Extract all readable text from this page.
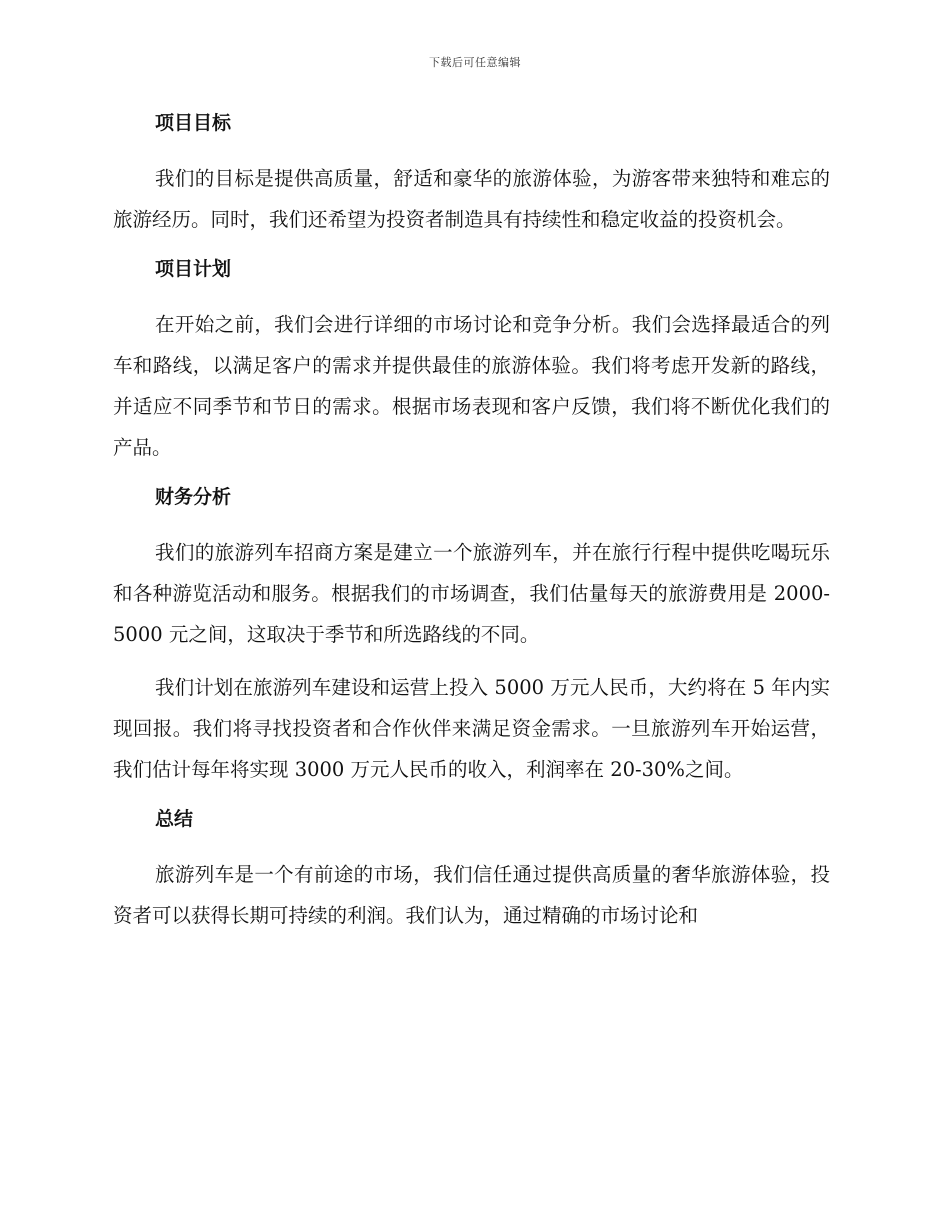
下载后可任意编辑
项目目标

我们的目标是提供高质量，舒适和豪华的旅游体验，为游客带来独特和难忘的旅游经历。同时，我们还希望为投资者制造具有持续性和稳定收益的投资机会。

项目计划

在开始之前，我们会进行详细的市场讨论和竞争分析。我们会选择最适合的列车和路线，以满足客户的需求并提供最佳的旅游体验。我们将考虑开发新的路线，并适应不同季节和节日的需求。根据市场表现和客户反馈，我们将不断优化我们的产品。

财务分析

我们的旅游列车招商方案是建立一个旅游列车，并在旅行行程中提供吃喝玩乐和各种游览活动和服务。根据我们的市场调查，我们估量每天的旅游费用是 2000-5000 元之间，这取决于季节和所选路线的不同。

我们计划在旅游列车建设和运营上投入 5000 万元人民币，大约将在 5 年内实现回报。我们将寻找投资者和合作伙伴来满足资金需求。一旦旅游列车开始运营，我们估计每年将实现 3000 万元人民币的收入，利润率在 20-30%之间。

总结

旅游列车是一个有前途的市场，我们信任通过提供高质量的奢华旅游体验，投资者可以获得长期可持续的利润。我们认为，通过精确的市场讨论和
